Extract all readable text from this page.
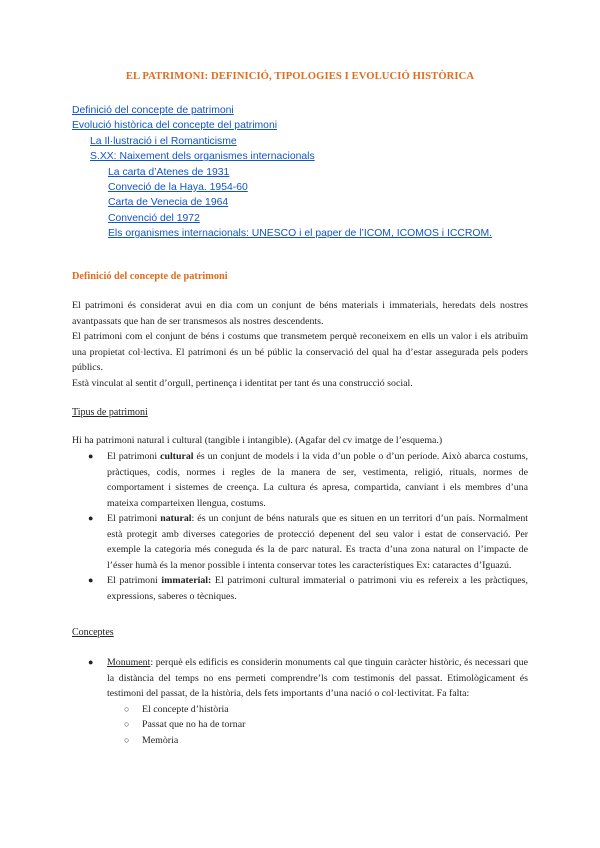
EL PATRIMONI: DEFINICIÓ, TIPOLOGIES I EVOLUCIÓ HISTÒRICA
Definició del concepte de patrimoni
Evolució històrica del concepte del patrimoni
La Il·lustració i el Romanticisme
S.XX: Naixement dels organismes internacionals
La carta d’Atenes de 1931
Conveció de la Haya. 1954-60
Carta de Venecia de 1964
Convenció del 1972
Els organismes internacionals: UNESCO i el paper de l’ICOM, ICOMOS i ICCROM.
Definició del concepte de patrimoni

El patrimoni és considerat avui en dia com un conjunt de béns materials i immaterials, heredats dels nostres avantpassats que han de ser transmesos als nostres descendents.

El patrimoni com el conjunt de béns i costums que transmetem perquè reconeixem en ells un valor i els atribuïm una propietat col·lectiva. El patrimoni és un bé públic la conservació del qual ha d’estar assegurada pels poders públics.

Està vinculat al sentit d’orgull, pertinença i identitat per tant és una construcció social.

Tipus de patrimoni

Hi ha patrimoni natural i cultural (tangible i intangible). (Agafar del cv imatge de l’esquema.)

● El patrimoni cultural és un conjunt de models i la vida d’un poble o d’un període. Això abarca costums, pràctiques, codis, normes i regles de la manera de ser, vestimenta, religió, rituals, normes de comportament i sistemes de creença. La cultura és apresa, compartida, canviant i els membres d’una mateixa comparteixen llengua, costums.
● El patrimoni natural: és un conjunt de béns naturals que es situen en un territori d’un país. Normalment està protegit amb diverses categories de protecció depenent del seu valor i estat de conservació. Per exemple la categoria més coneguda és la de parc natural. Es tracta d’una zona natural on l’impacte de l’ésser humà és la menor possible i intenta conservar totes les característiques Ex: cataractes d’Iguazú.
● El patrimoni immaterial: El patrimoni cultural immaterial o patrimoni viu es refereix a les pràctiques, expressions, saberes o tècniques.
Conceptes
● Monument: perquè els edificis es considerin monuments cal que tinguin caràcter històric, és necessari que la distància del temps no ens permeti comprendre’ls com testimonis del passat. Etimològicament és testimoni del passat, de la història, dels fets importants d’una nació o col·lectivitat. Fa falta:
○ El concepte d’història
○ Passat que no ha de tornar
○ Memòria
